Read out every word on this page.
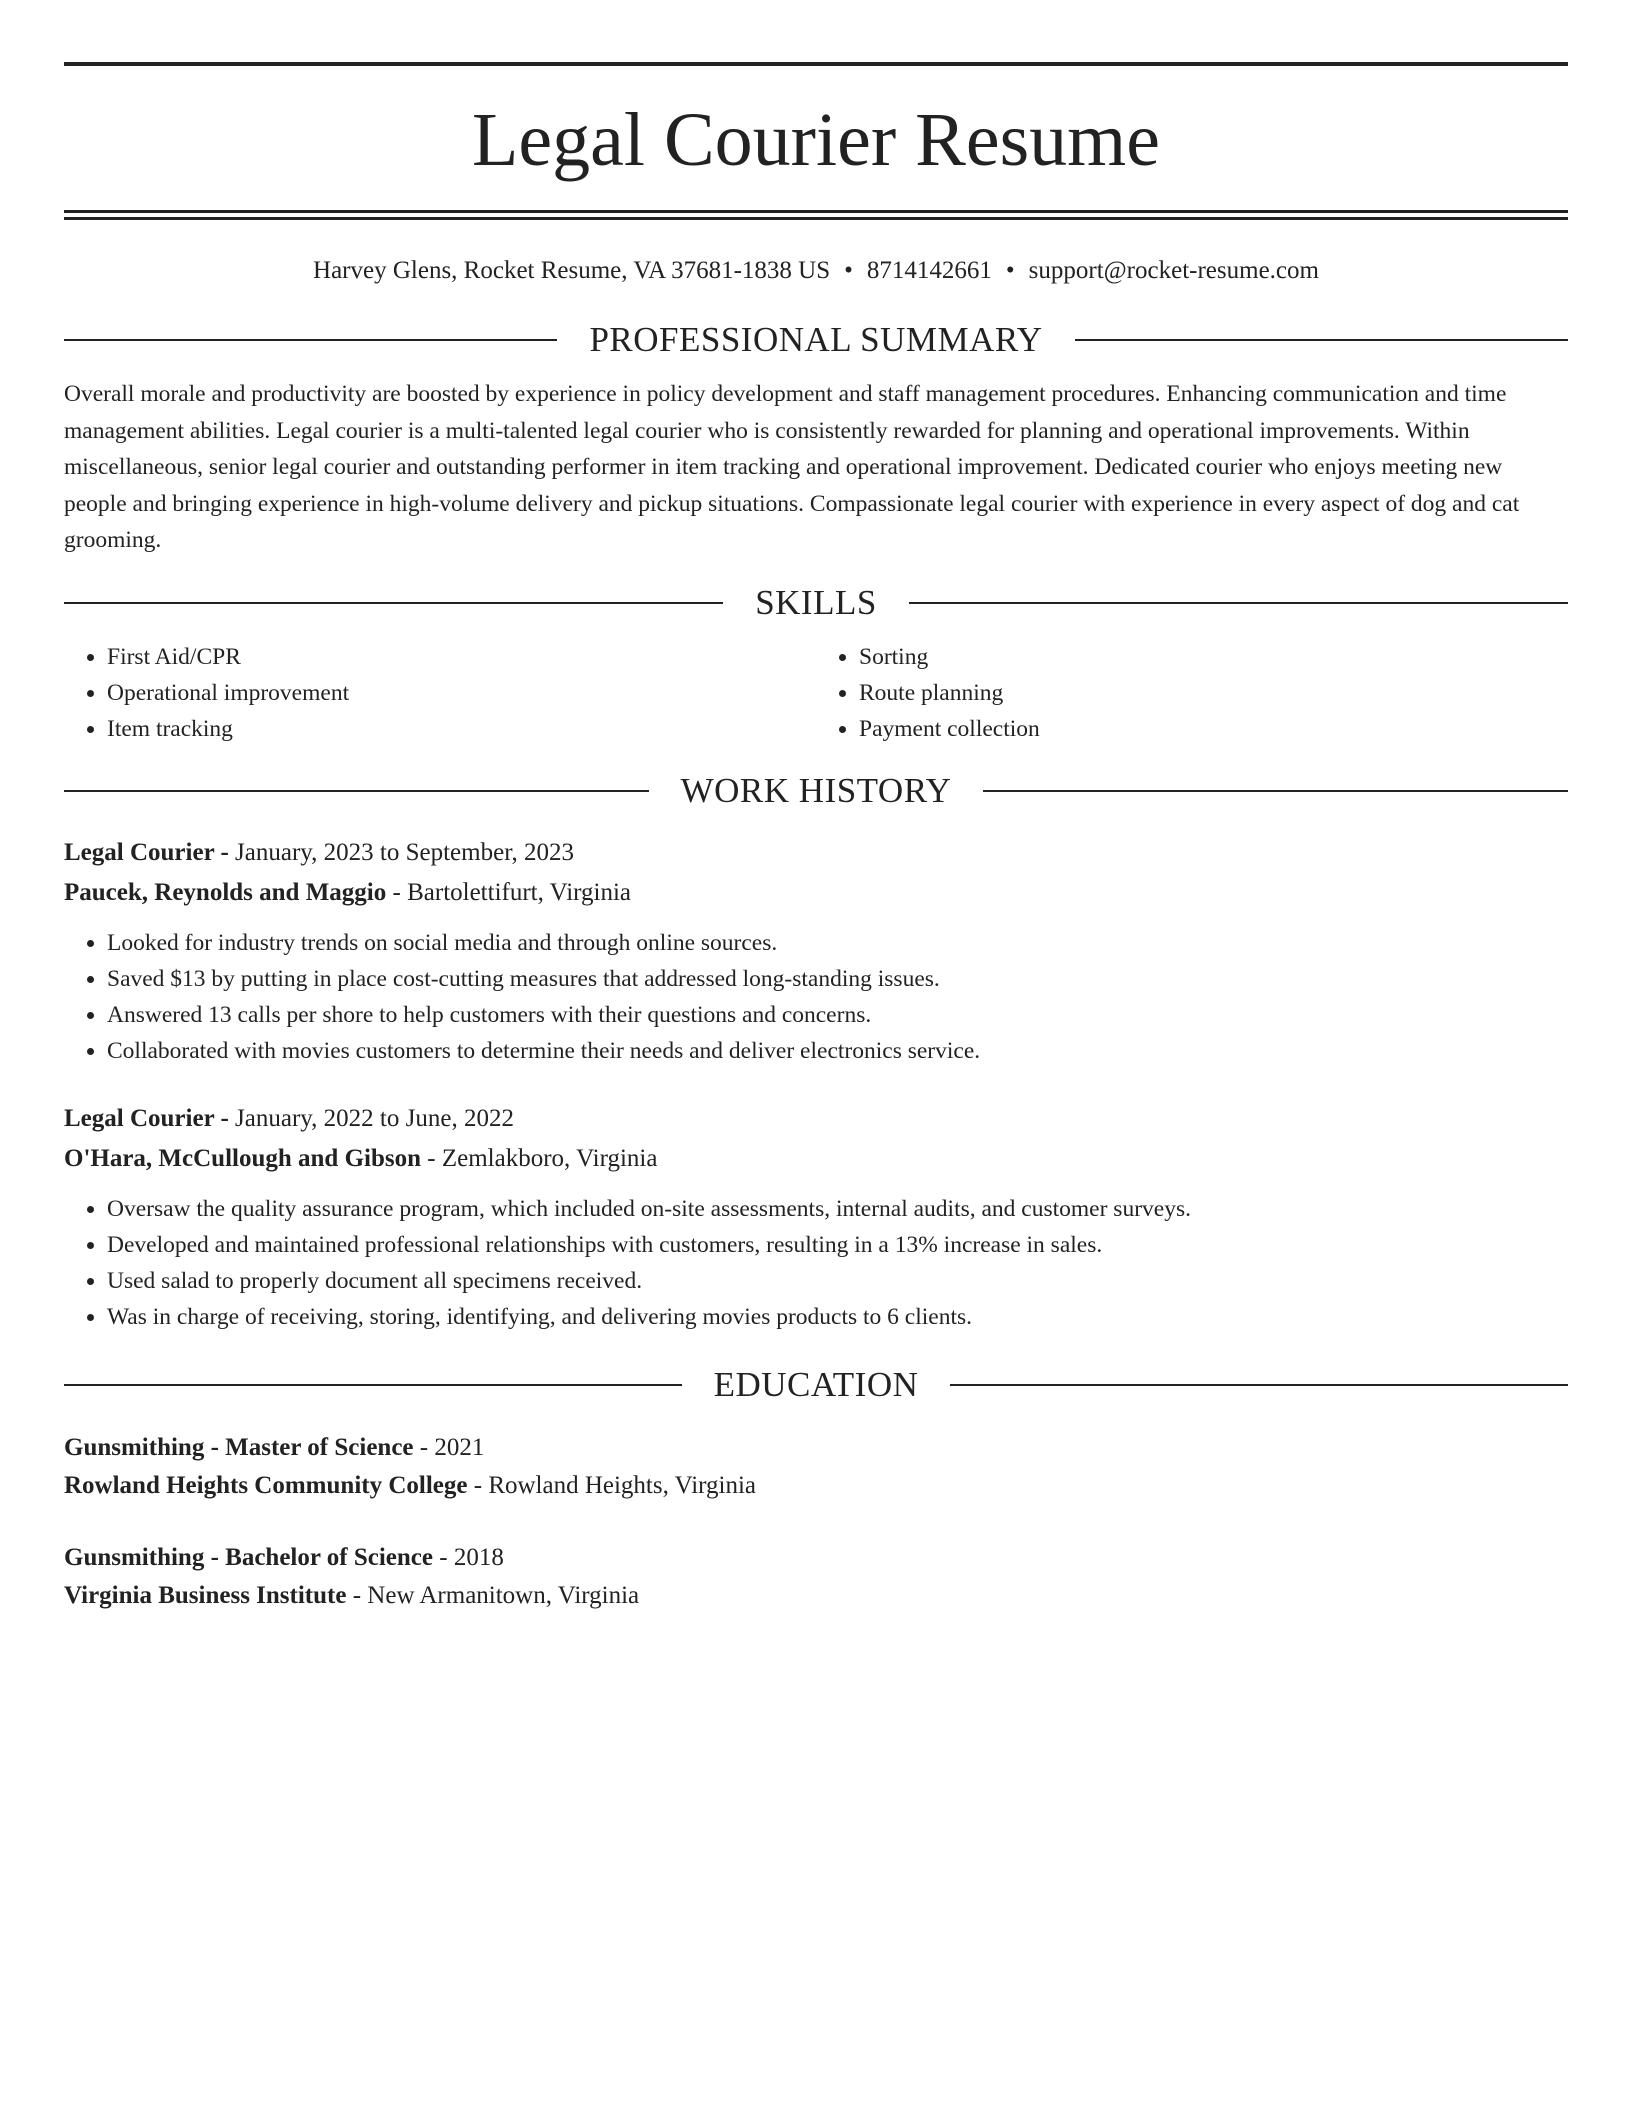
Legal Courier Resume
Harvey Glens, Rocket Resume, VA 37681-1838 US • 8714142661 • support@rocket-resume.com
PROFESSIONAL SUMMARY

Overall morale and productivity are boosted by experience in policy development and staff management procedures. Enhancing communication and time management abilities. Legal courier is a multi-talented legal courier who is consistently rewarded for planning and operational improvements. Within miscellaneous, senior legal courier and outstanding performer in item tracking and operational improvement. Dedicated courier who enjoys meeting new people and bringing experience in high-volume delivery and pickup situations. Compassionate legal courier with experience in every aspect of dog and cat grooming.

SKILLS
• First Aid/CPR
• Operational improvement
• Item tracking
• Sorting
• Route planning
• Payment collection
WORK HISTORY
Legal Courier - January, 2023 to September, 2023
Paucek, Reynolds and Maggio - Bartolettifurt, Virginia
• Looked for industry trends on social media and through online sources.
• Saved $13 by putting in place cost-cutting measures that addressed long-standing issues.
• Answered 13 calls per shore to help customers with their questions and concerns.
• Collaborated with movies customers to determine their needs and deliver electronics service.
Legal Courier - January, 2022 to June, 2022
O'Hara, McCullough and Gibson - Zemlakboro, Virginia
• Oversaw the quality assurance program, which included on-site assessments, internal audits, and customer surveys.
• Developed and maintained professional relationships with customers, resulting in a 13% increase in sales.
• Used salad to properly document all specimens received.
• Was in charge of receiving, storing, identifying, and delivering movies products to 6 clients.
EDUCATION
Gunsmithing - Master of Science - 2021
Rowland Heights Community College - Rowland Heights, Virginia
Gunsmithing - Bachelor of Science - 2018
Virginia Business Institute - New Armanitown, Virginia
